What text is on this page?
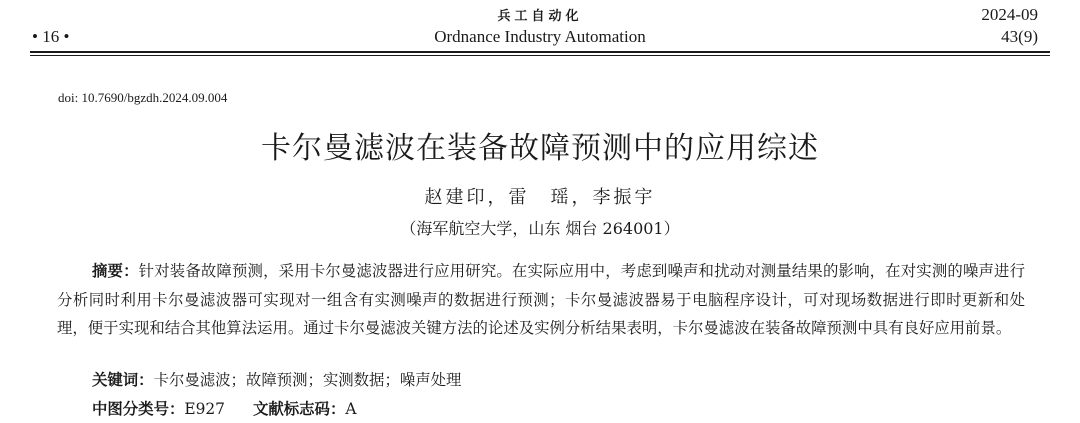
兵工自动化
Ordnance Industry Automation
• 16 •
2024-09
43(9)
doi: 10.7690/bgzdh.2024.09.004
卡尔曼滤波在装备故障预测中的应用综述
赵建印，雷　瑶，李振宇
（海军航空大学，山东 烟台 264001）

摘要：针对装备故障预测，采用卡尔曼滤波器进行应用研究。在实际应用中，考虑到噪声和扰动对测量结果的影响，在对实测的噪声进行分析同时利用卡尔曼滤波器可实现对一组含有实测噪声的数据进行预测；卡尔曼滤波器易于电脑程序设计，可对现场数据进行即时更新和处理，便于实现和结合其他算法运用。通过卡尔曼滤波关键方法的论述及实例分析结果表明，卡尔曼滤波在装备故障预测中具有良好应用前景。

关键词：卡尔曼滤波；故障预测；实测数据；噪声处理
中图分类号：E927 文献标志码：A
